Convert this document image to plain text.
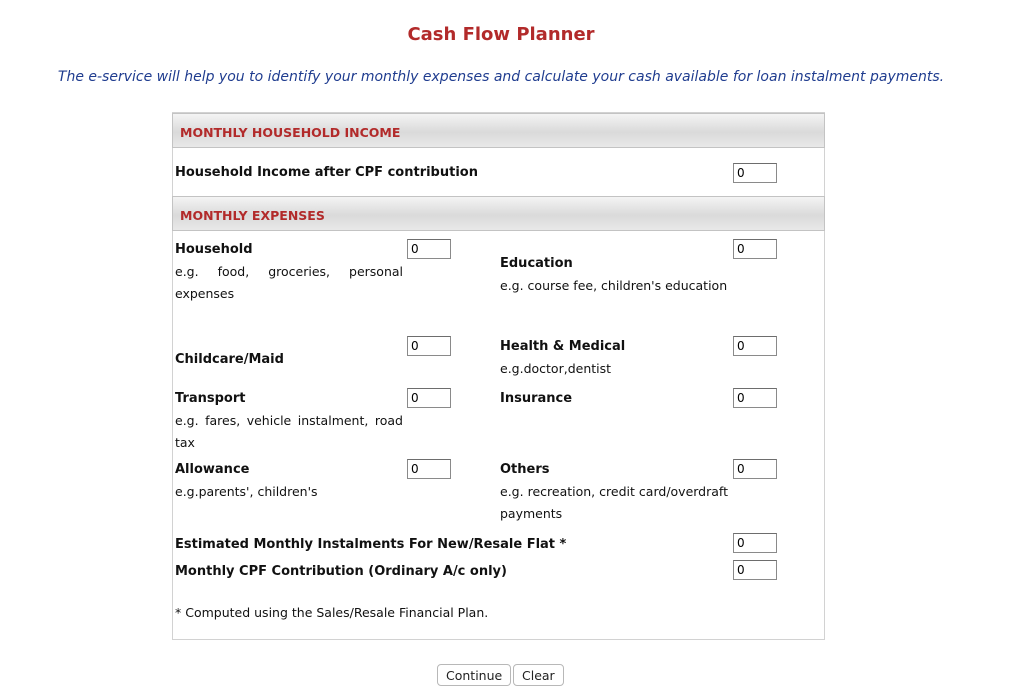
Cash Flow Planner
The e-service will help you to identify your monthly expenses and calculate your cash available for loan instalment payments.
MONTHLY HOUSEHOLD INCOME
Household Income after CPF contribution
0
MONTHLY EXPENSES
Household
e.g. food, groceries, personal expenses
0
Education
e.g. course fee, children's education
0
Childcare/Maid
0
Health & Medical
e.g.doctor,dentist
0
Transport
e.g. fares, vehicle instalment, road tax
0
Insurance
0
Allowance
e.g.parents', children's
0
Others
e.g. recreation, credit card/overdraft payments
0
Estimated Monthly Instalments For New/Resale Flat *
0
Monthly CPF Contribution (Ordinary A/c only)
0
* Computed using the Sales/Resale Financial Plan.
Continue	Clear
